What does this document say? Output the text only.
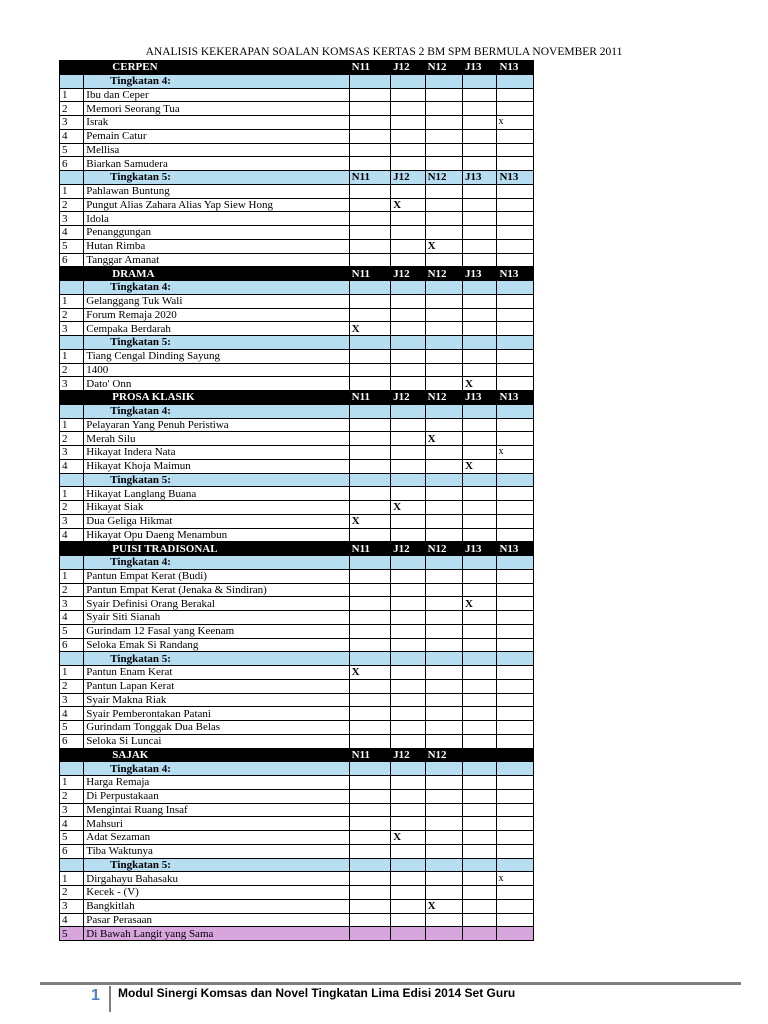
ANALISIS KEKERAPAN SOALAN KOMSAS KERTAS 2 BM SPM BERMULA NOVEMBER 2011
	CERPEN	N11	J12	N12	J13	N13
	Tingkatan 4:					
1	Ibu dan Ceper					
2	Memori Seorang Tua					
3	Israk					x
4	Pemain Catur					
5	Mellisa					
6	Biarkan Samudera					
	Tingkatan 5:	N11	J12	N12	J13	N13
1	Pahlawan Buntung					
2	Pungut Alias Zahara Alias Yap Siew Hong		X			
3	Idola					
4	Penanggungan					
5	Hutan Rimba			X		
6	Tanggar Amanat					
	DRAMA	N11	J12	N12	J13	N13
	Tingkatan 4:					
1	Gelanggang Tuk Wali					
2	Forum Remaja 2020					
3	Cempaka Berdarah	X				
	Tingkatan 5:					
1	Tiang Cengal Dinding Sayung					
2	1400					
3	Dato' Onn				X	
	PROSA KLASIK	N11	J12	N12	J13	N13
	Tingkatan 4:					
1	Pelayaran Yang Penuh Peristiwa					
2	Merah Silu			X		
3	Hikayat Indera Nata					x
4	Hikayat Khoja Maimun				X	
	Tingkatan 5:					
1	Hikayat Langlang Buana					
2	Hikayat Siak		X			
3	Dua Geliga Hikmat	X				
4	Hikayat Opu Daeng Menambun					
	PUISI TRADISONAL	N11	J12	N12	J13	N13
	Tingkatan 4:					
1	Pantun Empat Kerat (Budi)					
2	Pantun Empat Kerat (Jenaka & Sindiran)					
3	Syair Definisi Orang Berakal				X	
4	Syair Siti Sianah					
5	Gurindam 12 Fasal yang Keenam					
6	Seloka Emak Si Randang					
	Tingkatan 5:					
1	Pantun Enam Kerat	X				
2	Pantun Lapan Kerat					
3	Syair Makna Riak					
4	Syair Pemberontakan Patani					
5	Gurindam Tonggak Dua Belas					
6	Seloka Si Luncai					
	SAJAK	N11	J12	N12		
	Tingkatan 4:					
1	Harga Remaja					
2	Di Perpustakaan					
3	Mengintai Ruang Insaf					
4	Mahsuri					
5	Adat Sezaman		X			
6	Tiba Waktunya					
	Tingkatan 5:					
1	Dirgahayu Bahasaku					x
2	Kecek - (V)					
3	Bangkitlah			X		
4	Pasar Perasaan					
5	Di Bawah Langit yang Sama					
1	Modul Sinergi Komsas dan Novel Tingkatan Lima Edisi 2014 Set Guru
